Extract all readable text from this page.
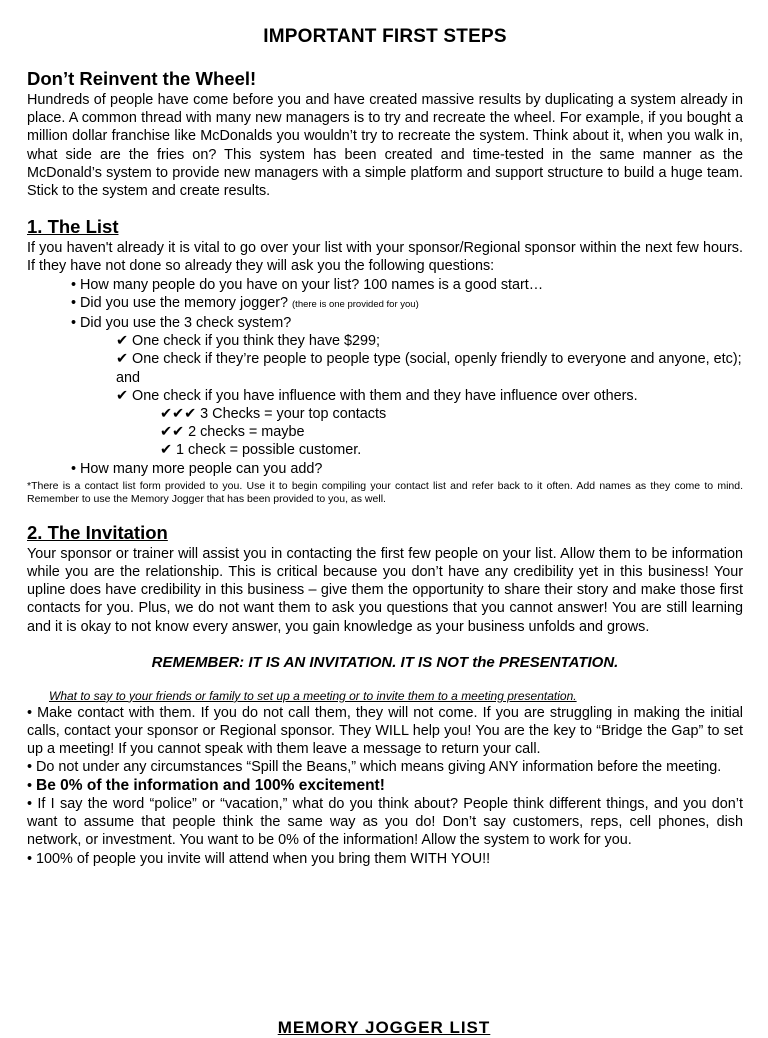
IMPORTANT FIRST STEPS
Don’t Reinvent the Wheel!

Hundreds of people have come before you and have created massive results by duplicating a system already in place. A common thread with many new managers is to try and recreate the wheel. For example, if you bought a million dollar franchise like McDonalds you wouldn’t try to recreate the system. Think about it, when you walk in, what side are the fries on? This system has been created and time-tested in the same manner as the McDonald’s system to provide new managers with a simple platform and support structure to build a huge team. Stick to the system and create results.

1. The List

If you haven't already it is vital to go over your list with your sponsor/Regional sponsor within the next few hours. If they have not done so already they will ask you the following questions:

• How many people do you have on your list? 100 names is a good start…
• Did you use the memory jogger? (there is one provided for you)
• Did you use the 3 check system?
✔ One check if you think they have $299;
✔ One check if they’re people to people type (social, openly friendly to everyone and anyone, etc); and
✔ One check if you have influence with them and they have influence over others.
✔✔✔ 3 Checks = your top contacts
✔✔ 2 checks = maybe
✔ 1 check = possible customer.
• How many more people can you add?

*There is a contact list form provided to you. Use it to begin compiling your contact list and refer back to it often. Add names as they come to mind. Remember to use the Memory Jogger that has been provided to you, as well.

2. The Invitation

Your sponsor or trainer will assist you in contacting the first few people on your list. Allow them to be information while you are the relationship. This is critical because you don’t have any credibility yet in this business! Your upline does have credibility in this business – give them the opportunity to share their story and make those first contacts for you. Plus, we do not want them to ask you questions that you cannot answer! You are still learning and it is okay to not know every answer, you gain knowledge as your business unfolds and grows.

REMEMBER: IT IS AN INVITATION. IT IS NOT the PRESENTATION.
What to say to your friends or family to set up a meeting or to invite them to a meeting presentation.

• Make contact with them. If you do not call them, they will not come. If you are struggling in making the initial calls, contact your sponsor or Regional sponsor. They WILL help you! You are the key to “Bridge the Gap” to set up a meeting! If you cannot speak with them leave a message to return your call.

• Do not under any circumstances “Spill the Beans,” which means giving ANY information before the meeting.

• Be 0% of the information and 100% excitement!

• If I say the word “police” or “vacation,” what do you think about? People think different things, and you don’t want to assume that people think the same way as you do! Don’t say customers, reps, cell phones, dish network, or investment. You want to be 0% of the information! Allow the system to work for you.

• 100% of people you invite will attend when you bring them WITH YOU!!

MEMORY JOGGER LIST
